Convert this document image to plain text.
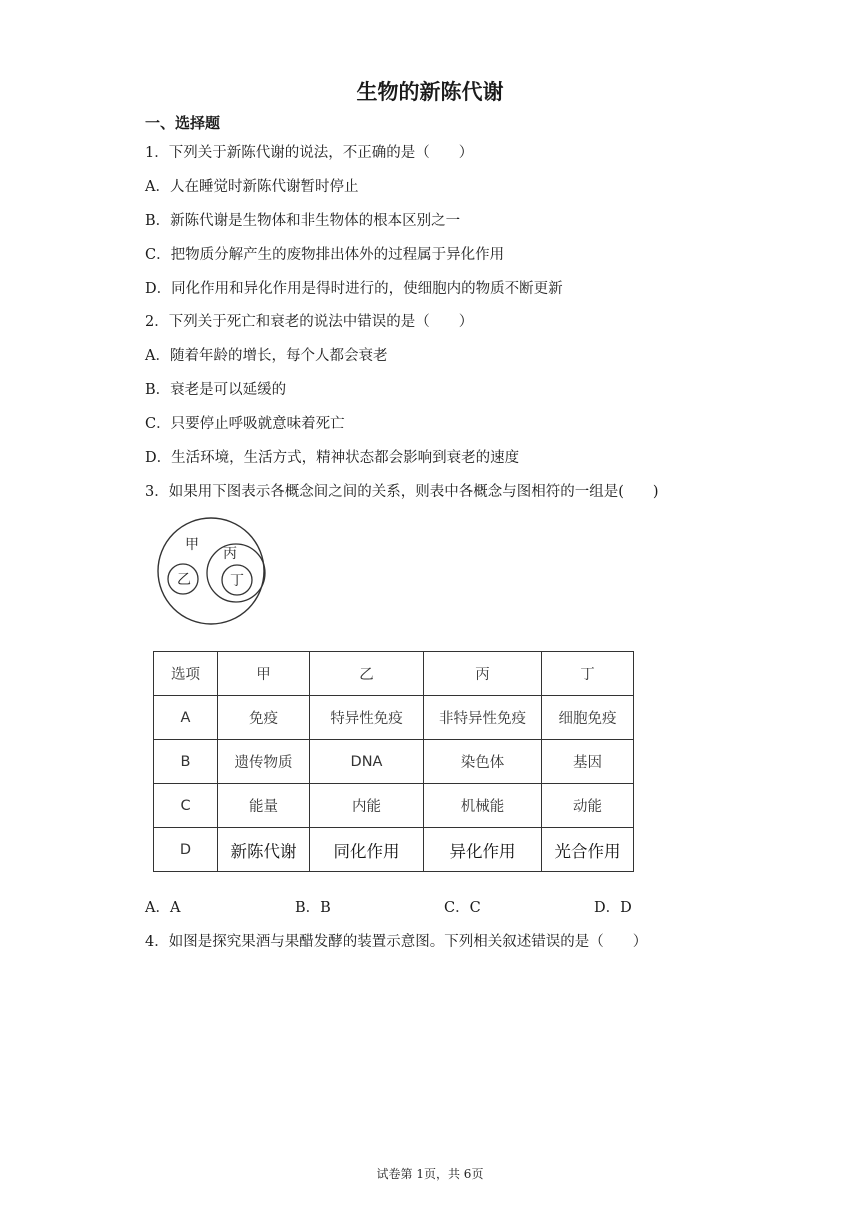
生物的新陈代谢
一、选择题
1．下列关于新陈代谢的说法，不正确的是（　　）
A．人在睡觉时新陈代谢暂时停止
B．新陈代谢是生物体和非生物体的根本区别之一
C．把物质分解产生的废物排出体外的过程属于异化作用
D．同化作用和异化作用是得时进行的，使细胞内的物质不断更新
2．下列关于死亡和衰老的说法中错误的是（　　）
A．随着年龄的增长，每个人都会衰老
B．衰老是可以延缓的
C．只要停止呼吸就意味着死亡
D．生活环境，生活方式，精神状态都会影响到衰老的速度
3．如果用下图表示各概念间之间的关系，则表中各概念与图相符的一组是(　　)
甲
乙
丙
丁
选项	甲	乙	丙	丁
A	免疫	特异性免疫	非特异性免疫	细胞免疫
B	遗传物质	DNA	染色体	基因
C	能量	内能	机械能	动能
D	新陈代谢	同化作用	异化作用	光合作用
A．A	B．B	C．C	D．D
4．如图是探究果酒与果醋发酵的装置示意图。下列相关叙述错误的是（　　）
试卷第 1页，共 6页
